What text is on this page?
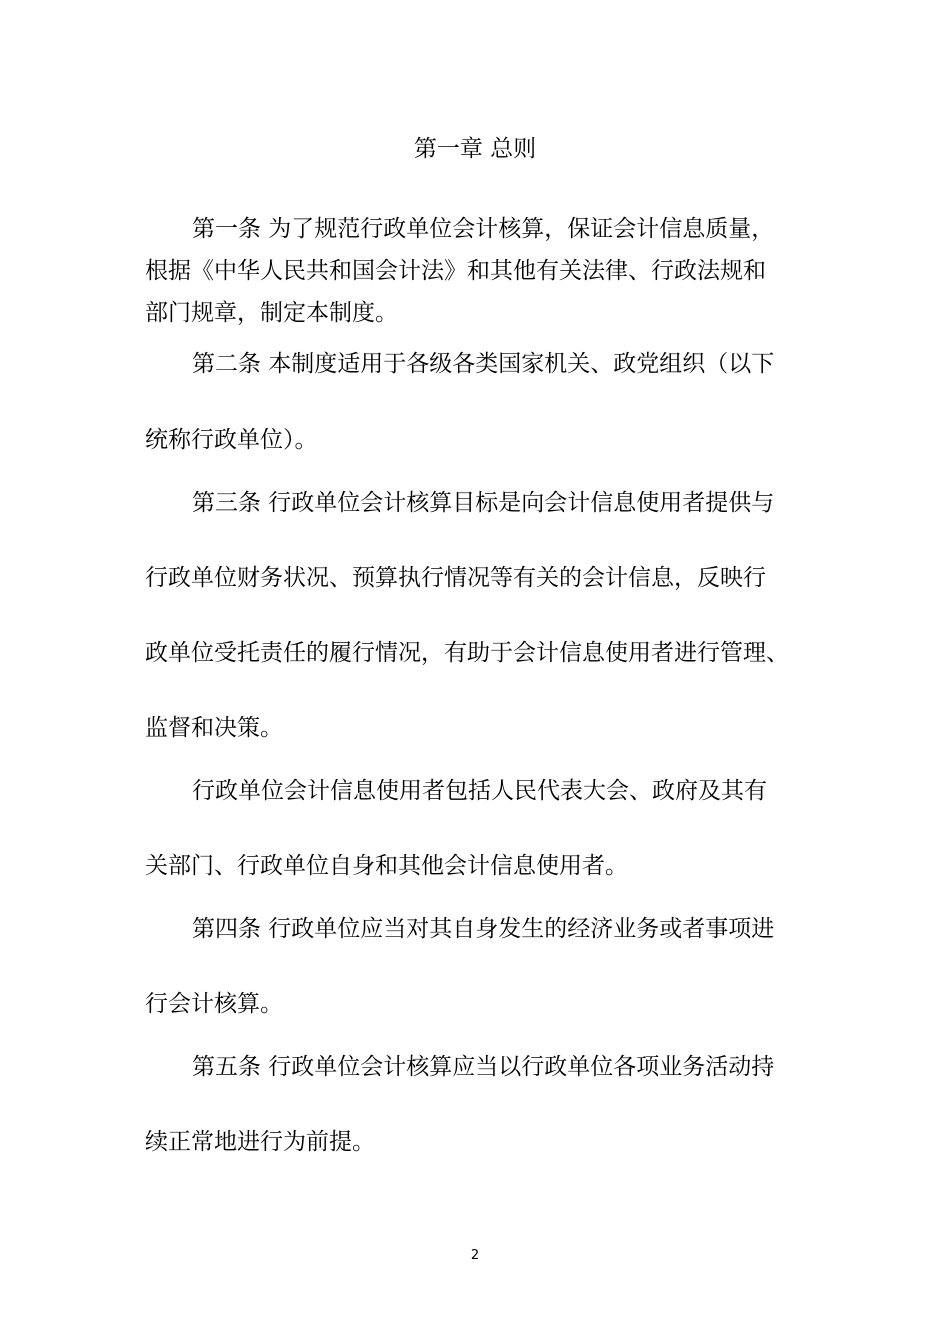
第一章 总则

第一条 为了规范行政单位会计核算，保证会计信息质量，

根据《中华人民共和国会计法》和其他有关法律、行政法规和

部门规章，制定本制度。

第二条 本制度适用于各级各类国家机关、政党组织（以下

统称行政单位）。

第三条 行政单位会计核算目标是向会计信息使用者提供与

行政单位财务状况、预算执行情况等有关的会计信息，反映行

政单位受托责任的履行情况，有助于会计信息使用者进行管理、

监督和决策。

行政单位会计信息使用者包括人民代表大会、政府及其有

关部门、行政单位自身和其他会计信息使用者。

第四条 行政单位应当对其自身发生的经济业务或者事项进

行会计核算。

第五条 行政单位会计核算应当以行政单位各项业务活动持

续正常地进行为前提。

2
